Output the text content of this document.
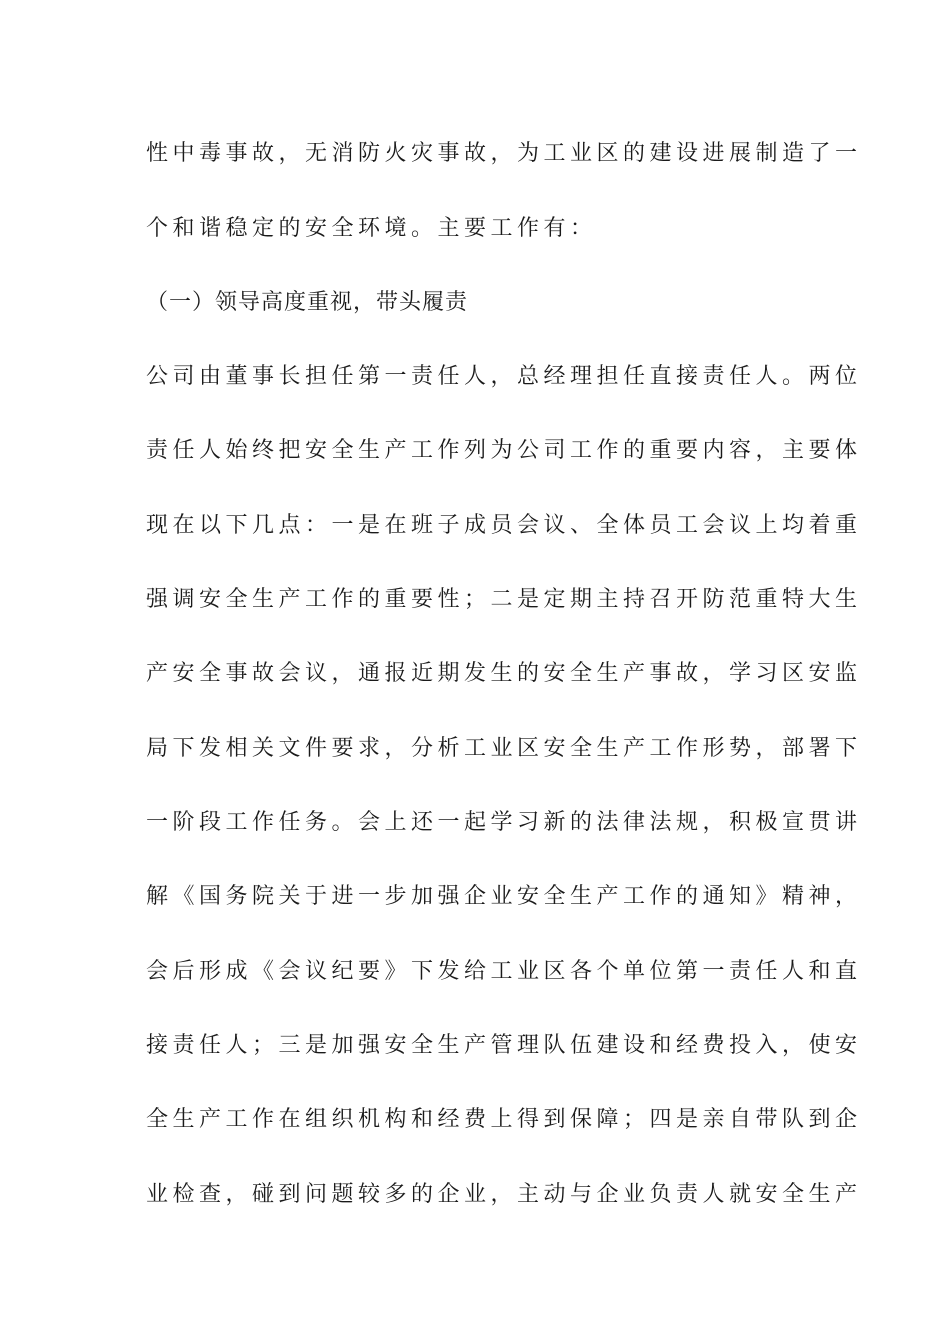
性中毒事故，无消防火灾事故，为工业区的建设进展制造了一
个和谐稳定的安全环境。主要工作有：
（一）领导高度重视，带头履责
公司由董事长担任第一责任人，总经理担任直接责任人。两位
责任人始终把安全生产工作列为公司工作的重要内容，主要体
现在以下几点：一是在班子成员会议、全体员工会议上均着重
强调安全生产工作的重要性；二是定期主持召开防范重特大生
产安全事故会议，通报近期发生的安全生产事故，学习区安监
局下发相关文件要求，分析工业区安全生产工作形势，部署下
一阶段工作任务。会上还一起学习新的法律法规，积极宣贯讲
解《国务院关于进一步加强企业安全生产工作的通知》精神，
会后形成《会议纪要》下发给工业区各个单位第一责任人和直
接责任人；三是加强安全生产管理队伍建设和经费投入，使安
全生产工作在组织机构和经费上得到保障；四是亲自带队到企
业检查，碰到问题较多的企业，主动与企业负责人就安全生产
